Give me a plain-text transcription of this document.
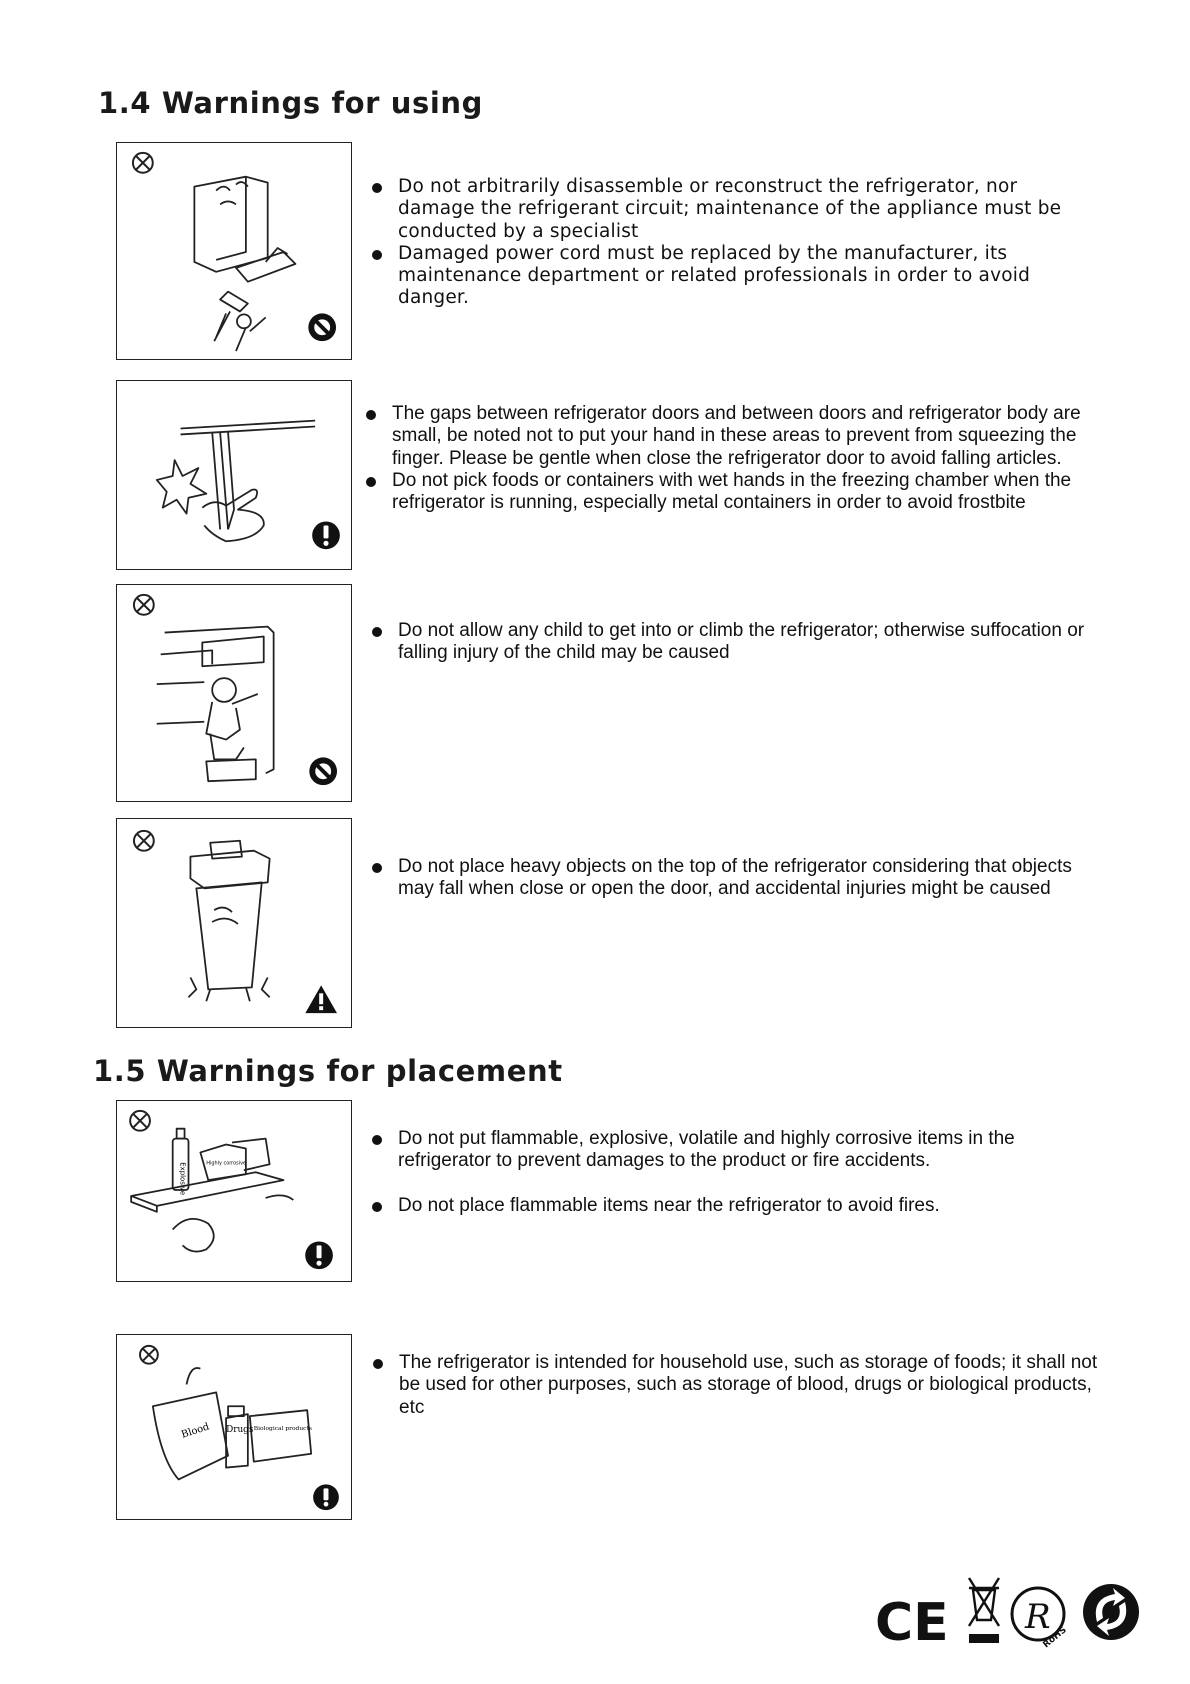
1.4 Warnings for using
Do not arbitrarily disassemble or reconstruct the refrigerator, nor damage the refrigerant circuit; maintenance of the appliance must be conducted by a specialist
Damaged power cord must be replaced by the manufacturer, its maintenance department or related professionals in order to avoid danger.
The gaps between refrigerator doors and between doors and refrigerator body are small, be noted not to put your hand in these areas to prevent from squeezing the finger. Please be gentle when close the refrigerator door to avoid falling articles.
Do not pick foods or containers with wet hands in the freezing chamber when the refrigerator is running, especially metal containers in order to avoid frostbite
Do not allow any child to get into or climb the refrigerator; otherwise suffocation or falling injury of the child may be caused
Do not place heavy objects on the top of the refrigerator considering that objects may fall when close or open the door, and accidental injuries might be caused
1.5 Warnings for placement
Explosive	Highly corrosive
Do not put flammable, explosive, volatile and highly corrosive items in the refrigerator to prevent damages to the product or fire accidents.
Do not place flammable items near the refrigerator to avoid fires.
Blood Drugs Biological products
The refrigerator is intended for household use, such as storage of foods; it shall not be used for other purposes, such as storage of blood, drugs or biological products, etc
CE R
RoHS
